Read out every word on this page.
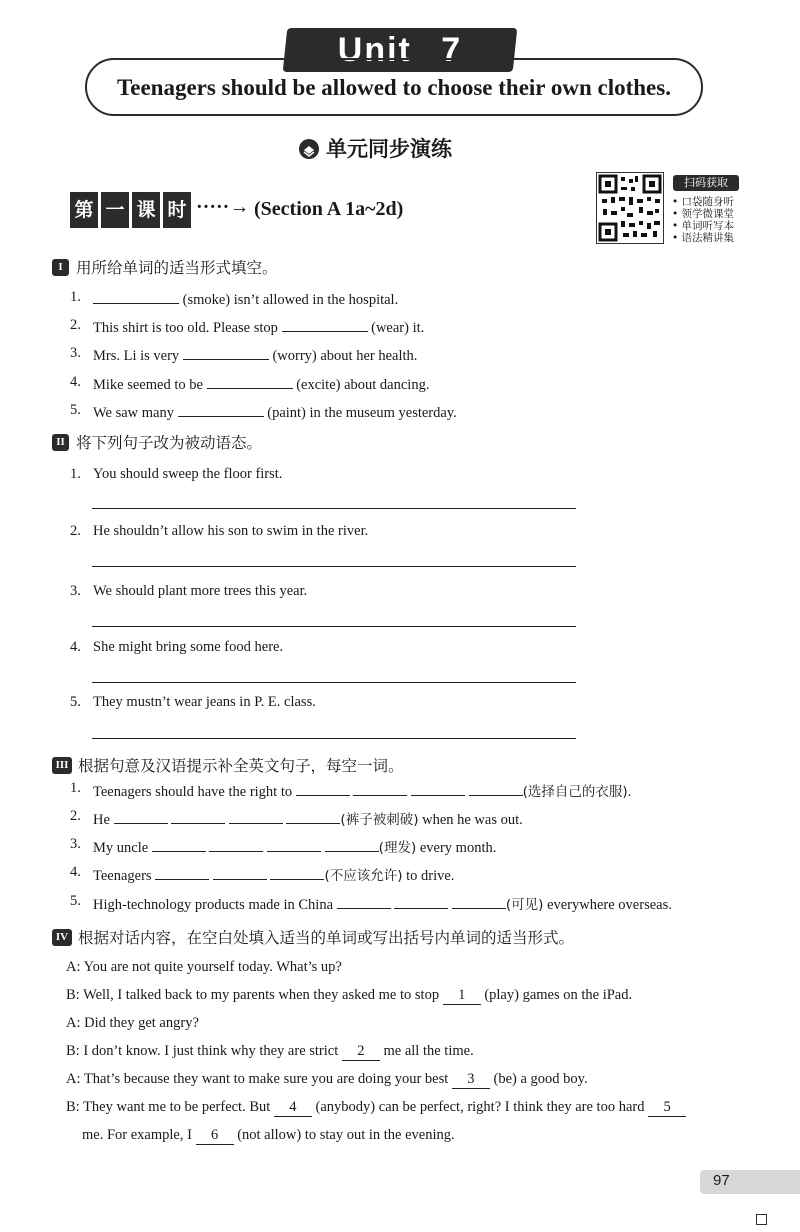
Unit 7
Teenagers should be allowed to choose their own clothes.
单元同步演练
第 一 课 时 ·····→ (Section A 1a~2d)
扫码获取
• 口袋随身听
• 领学微课堂
• 单词听写本
• 语法精讲集
I 用所给单词的适当形式填空。
1.	(smoke) isn’t allowed in the hospital.
2. This shirt is too old. Please stop	(wear) it.
3. Mrs. Li is very	(worry) about her health.
4. Mike seemed to be	(excite) about dancing.
5. We saw many	(paint) in the museum yesterday.
II 将下列句子改为被动语态。
1. You should sweep the floor first.
2. He shouldn’t allow his son to swim in the river.
3. We should plant more trees this year.
4. She might bring some food here.
5. They mustn’t wear jeans in P. E. class.
III 根据句意及汉语提示补全英文句子，每空一词。
1. Teenagers should have the right to	(选择自己的衣服).
2. He	(裤子被刺破) when he was out.
3. My uncle	(理发) every month.
4. Teenagers	(不应该允许) to drive.
5. High-technology products made in China	(可见) everywhere overseas.
IV 根据对话内容，在空白处填入适当的单词或写出括号内单词的适当形式。
A: You are not quite yourself today. What’s up?
B: Well, I talked back to my parents when they asked me to stop 1 (play) games on the iPad.
A: Did they get angry?
B: I don’t know. I just think why they are strict 2 me all the time.
A: That’s because they want to make sure you are doing your best 3 (be) a good boy.
B: They want me to be perfect. But 4 (anybody) can be perfect, right? I think they are too hard 5
me. For example, I 6 (not allow) to stay out in the evening.
97
